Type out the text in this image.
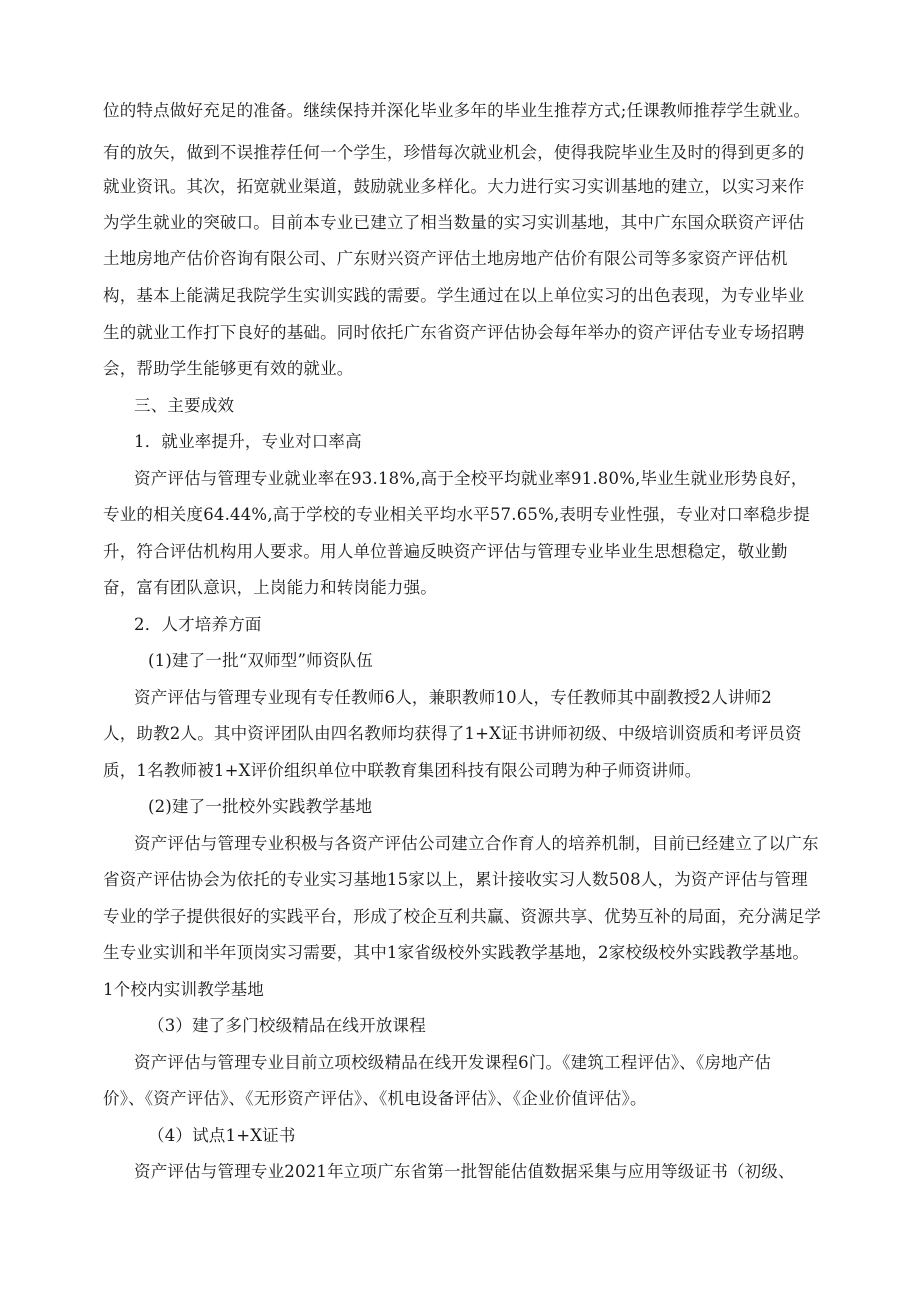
位的特点做好充足的准备。继续保持并深化毕业多年的毕业生推荐方式;任课教师推荐学生就业。
有的放矢，做到不误推荐任何一个学生，珍惜每次就业机会，使得我院毕业生及时的得到更多的
就业资讯。其次，拓宽就业渠道，鼓励就业多样化。大力进行实习实训基地的建立，以实习来作
为学生就业的突破口。目前本专业已建立了相当数量的实习实训基地，其中广东国众联资产评估
土地房地产估价咨询有限公司、广东财兴资产评估土地房地产估价有限公司等多家资产评估机
构，基本上能满足我院学生实训实践的需要。学生通过在以上单位实习的出色表现，为专业毕业
生的就业工作打下良好的基础。同时依托广东省资产评估协会每年举办的资产评估专业专场招聘
会，帮助学生能够更有效的就业。
三、主要成效
1．就业率提升，专业对口率高
资产评估与管理专业就业率在93.18%,高于全校平均就业率91.80%,毕业生就业形势良好，
专业的相关度64.44%,高于学校的专业相关平均水平57.65%,表明专业性强，专业对口率稳步提
升，符合评估机构用人要求。用人单位普遍反映资产评估与管理专业毕业生思想稳定，敬业勤
奋，富有团队意识，上岗能力和转岗能力强。
2．人才培养方面
(1)建了一批“双师型”师资队伍
资产评估与管理专业现有专任教师6人，兼职教师10人，专任教师其中副教授2人讲师2
人，助教2人。其中资评团队由四名教师均获得了1+X证书讲师初级、中级培训资质和考评员资
质，1名教师被1+X评价组织单位中联教育集团科技有限公司聘为种子师资讲师。
(2)建了一批校外实践教学基地
资产评估与管理专业积极与各资产评估公司建立合作育人的培养机制，目前已经建立了以广东
省资产评估协会为依托的专业实习基地15家以上，累计接收实习人数508人，为资产评估与管理
专业的学子提供很好的实践平台，形成了校企互利共赢、资源共享、优势互补的局面，充分满足学
生专业实训和半年顶岗实习需要，其中1家省级校外实践教学基地，2家校级校外实践教学基地。
1个校内实训教学基地
（3）建了多门校级精品在线开放课程
资产评估与管理专业目前立项校级精品在线开发课程6门。《建筑工程评估》、《房地产估
价》、《资产评估》、《无形资产评估》、《机电设备评估》、《企业价值评估》。
（4）试点1+X证书
资产评估与管理专业2021年立项广东省第一批智能估值数据采集与应用等级证书（初级、
